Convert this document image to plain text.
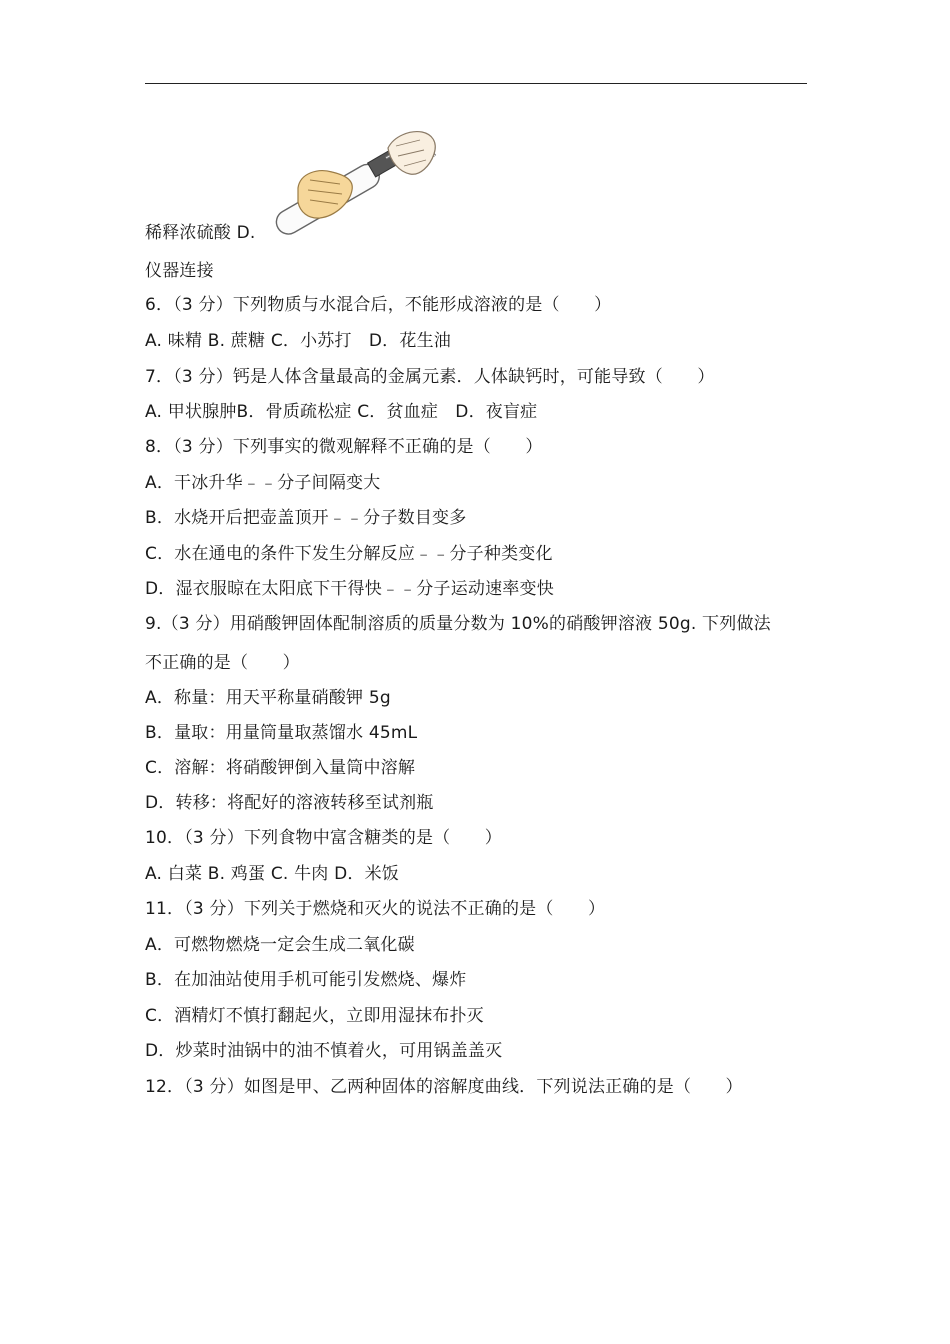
稀释浓硫酸 D.
仪器连接
6．（3 分）下列物质与水混合后，不能形成溶液的是（　　）
A. 味精 B. 蔗糖 C．小苏打　D．花生油
7．（3 分）钙是人体含量最高的金属元素．人体缺钙时，可能导致（　　）
A. 甲状腺肿B．骨质疏松症 C．贫血症　D．夜盲症
8．（3 分）下列事实的微观解释不正确的是（　　）
A．干冰升华﹣﹣分子间隔变大
B．水烧开后把壶盖顶开﹣﹣分子数目变多
C．水在通电的条件下发生分解反应﹣﹣分子种类变化
D．湿衣服晾在太阳底下干得快﹣﹣分子运动速率变快
9.（3 分）用硝酸钾固体配制溶质的质量分数为 10%的硝酸钾溶液 50g. 下列做法
不正确的是（　　）
A．称量：用天平称量硝酸钾 5g
B．量取：用量筒量取蒸馏水 45mL
C．溶解：将硝酸钾倒入量筒中溶解
D．转移：将配好的溶液转移至试剂瓶
10．（3 分）下列食物中富含糖类的是（　　）
A. 白菜 B. 鸡蛋 C. 牛肉 D．米饭
11．（3 分）下列关于燃烧和灭火的说法不正确的是（　　）
A．可燃物燃烧一定会生成二氧化碳
B．在加油站使用手机可能引发燃烧、爆炸
C．酒精灯不慎打翻起火，立即用湿抹布扑灭
D．炒菜时油锅中的油不慎着火，可用锅盖盖灭
12．（3 分）如图是甲、乙两种固体的溶解度曲线．下列说法正确的是（　　）
